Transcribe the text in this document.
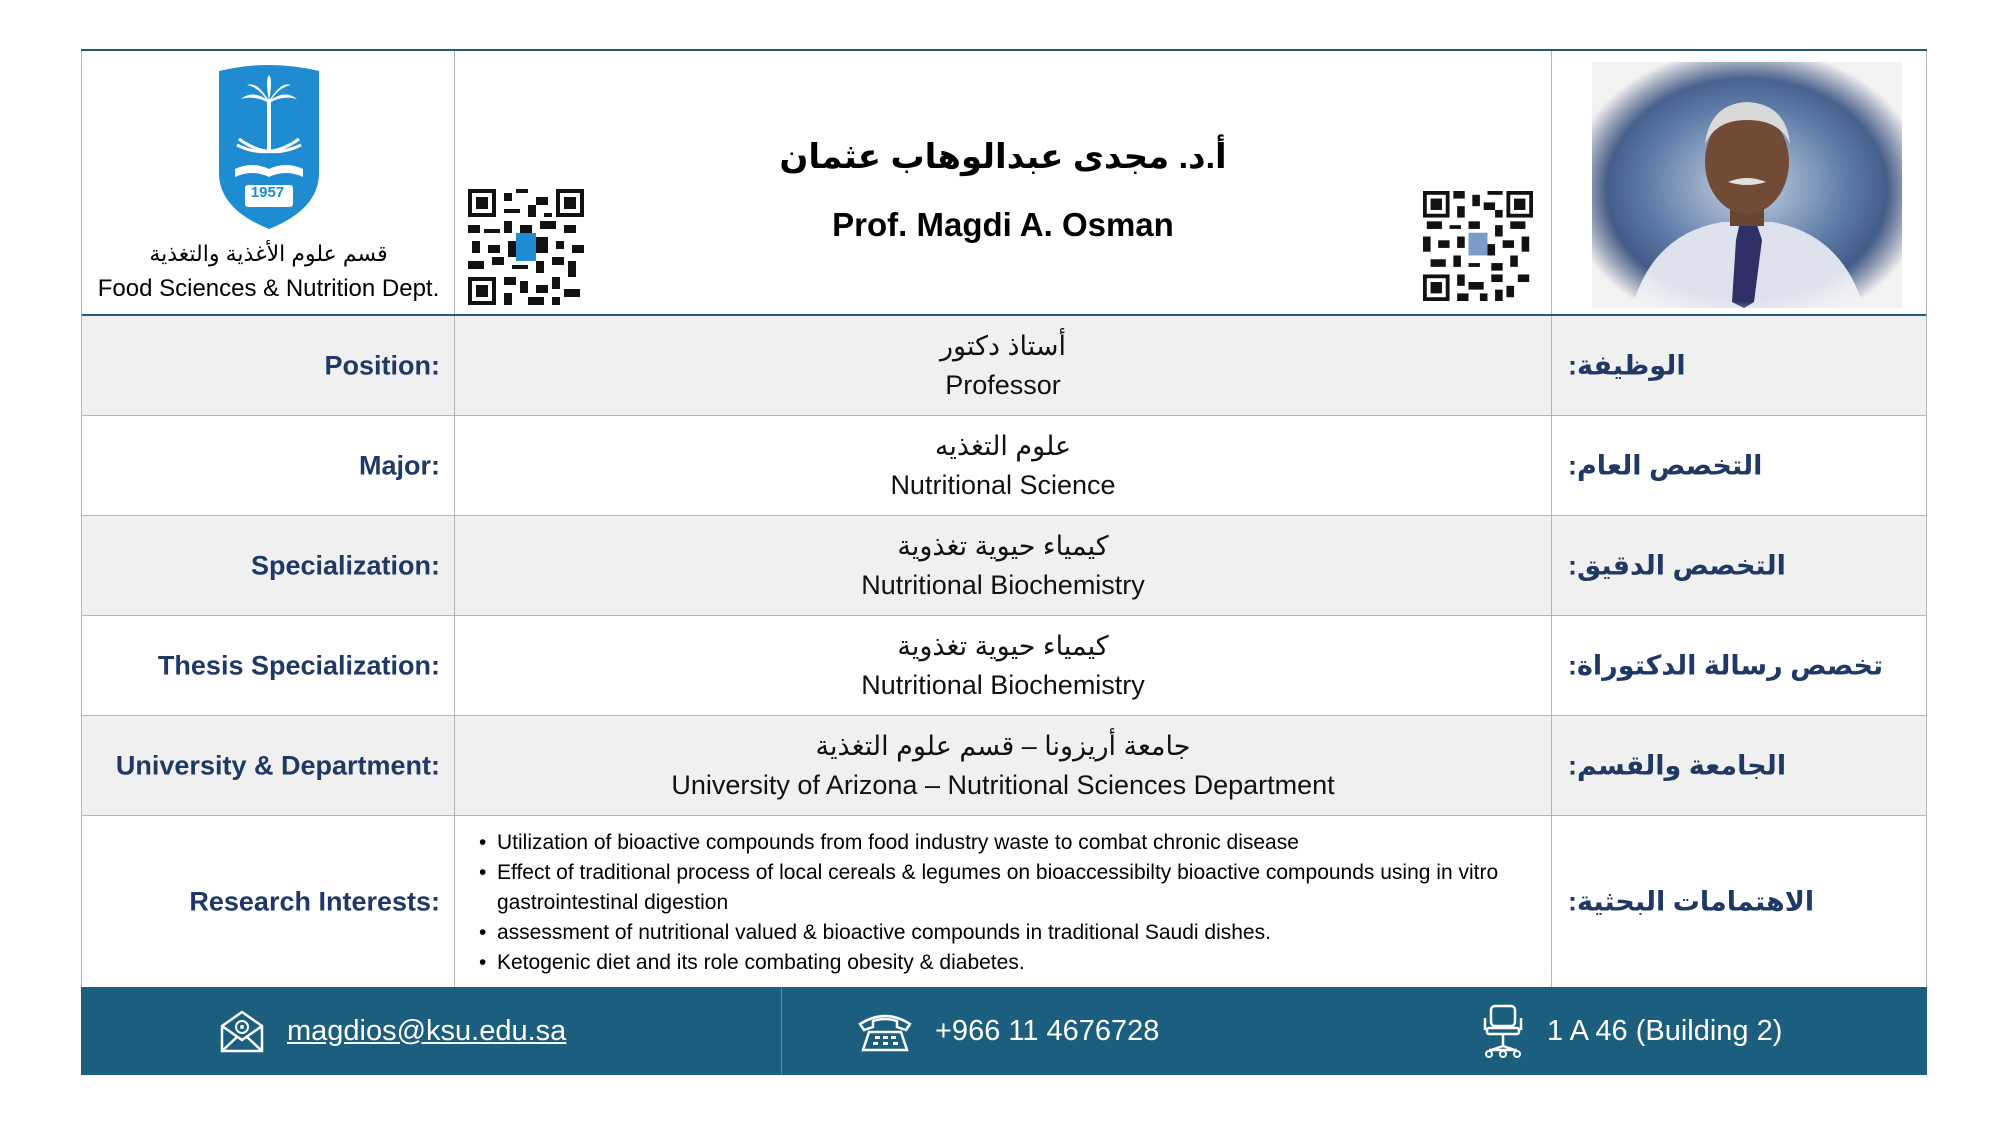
قسم علوم الأغذية والتغذية
Food Sciences & Nutrition Dept.
أ.د. مجدى عبدالوهاب عثمان
Prof. Magdi A. Osman
Position:
أستاذ دكتور
Professor
الوظيفة:
Major:
علوم التغذيه
Nutritional Science
التخصص العام:
Specialization:
كيمياء حيوية تغذوية
Nutritional Biochemistry
التخصص الدقيق:
Thesis Specialization:
كيمياء حيوية تغذوية
Nutritional Biochemistry
تخصص رسالة الدكتوراة:
University & Department:
جامعة أريزونا – قسم علوم التغذية
University of Arizona – Nutritional Sciences Department
الجامعة والقسم:
Research Interests:
• Utilization of bioactive compounds from food industry waste to combat chronic disease
• Effect of traditional process of local cereals & legumes on bioaccessibilty bioactive compounds using in vitro gastrointestinal digestion
• assessment of nutritional valued & bioactive compounds in traditional Saudi dishes.
• Ketogenic diet and its role combating obesity & diabetes.
الاهتمامات البحثية:
magdios@ksu.edu.sa	+966 11 4676728	1 A 46 (Building 2)
1957
